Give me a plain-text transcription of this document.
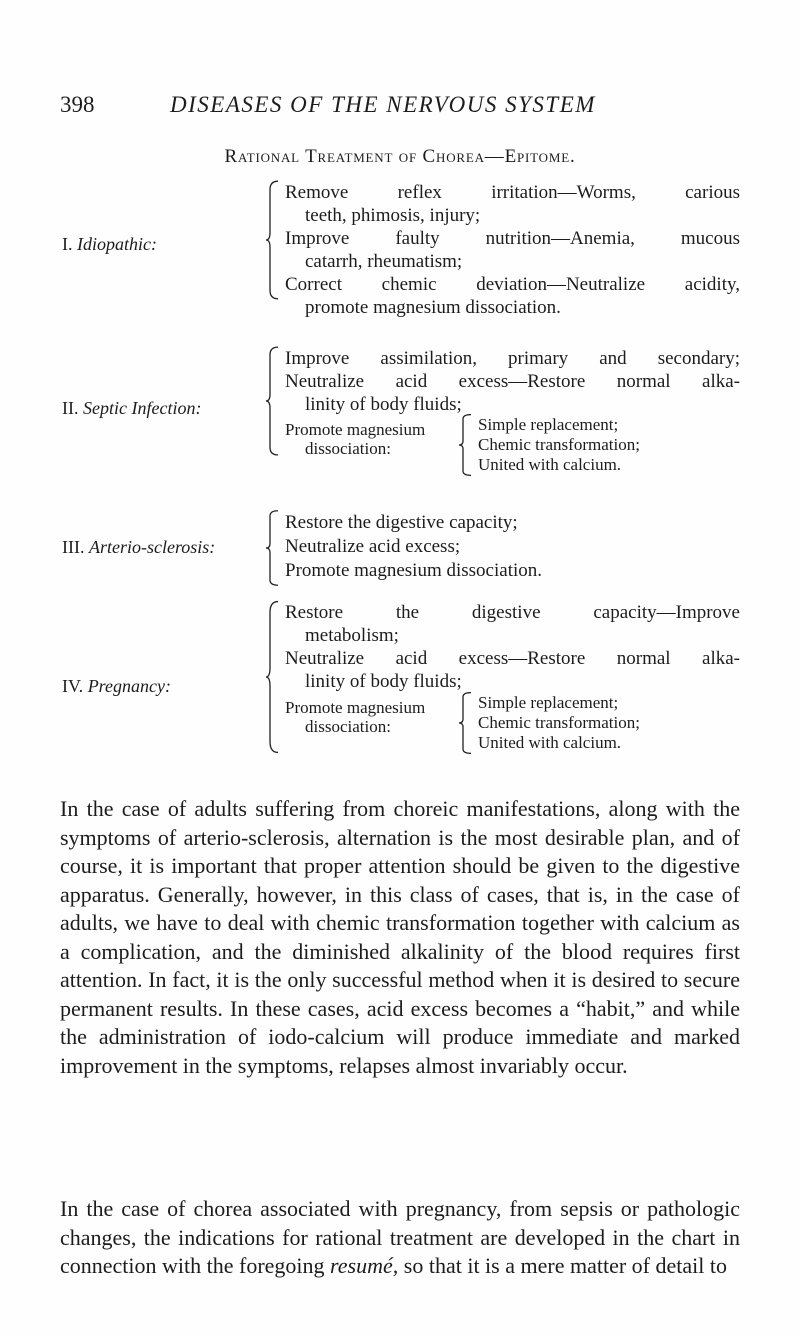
398	DISEASES OF THE NERVOUS SYSTEM
Rational Treatment of Chorea—Epitome.
I. Idiopathic:
Remove reflex irritation—Worms, carious
teeth, phimosis, injury;
Improve faulty nutrition—Anemia, mucous
catarrh, rheumatism;
Correct chemic deviation—Neutralize acidity,
promote magnesium dissociation.
II. Septic Infection:
Improve assimilation, primary and secondary;
Neutralize acid excess—Restore normal alka-
linity of body fluids;
Promote magnesium
dissociation:
Simple replacement;
Chemic transformation;
United with calcium.
III. Arterio-sclerosis:
Restore the digestive capacity;
Neutralize acid excess;
Promote magnesium dissociation.
IV. Pregnancy:
Restore the digestive capacity—Improve
metabolism;
Neutralize acid excess—Restore normal alka-
linity of body fluids;
Promote magnesium
dissociation:
Simple replacement;
Chemic transformation;
United with calcium.
In the case of adults suffering from choreic manifestations, along with the symptoms of arterio-sclerosis, alternation is the most desirable plan, and of course, it is important that proper attention should be given to the digestive apparatus. Generally, however, in this class of cases, that is, in the case of adults, we have to deal with chemic transformation together with calcium as a complication, and the diminished alkalinity of the blood requires first attention. In fact, it is the only successful method when it is desired to secure permanent results. In these cases, acid excess becomes a “habit,” and while the administration of iodo-calcium will produce immediate and marked improvement in the symptoms, relapses almost invariably occur.
In the case of chorea associated with pregnancy, from sepsis or pathologic changes, the indications for rational treatment are developed in the chart in connection with the foregoing resumé, so that it is a mere matter of detail to
